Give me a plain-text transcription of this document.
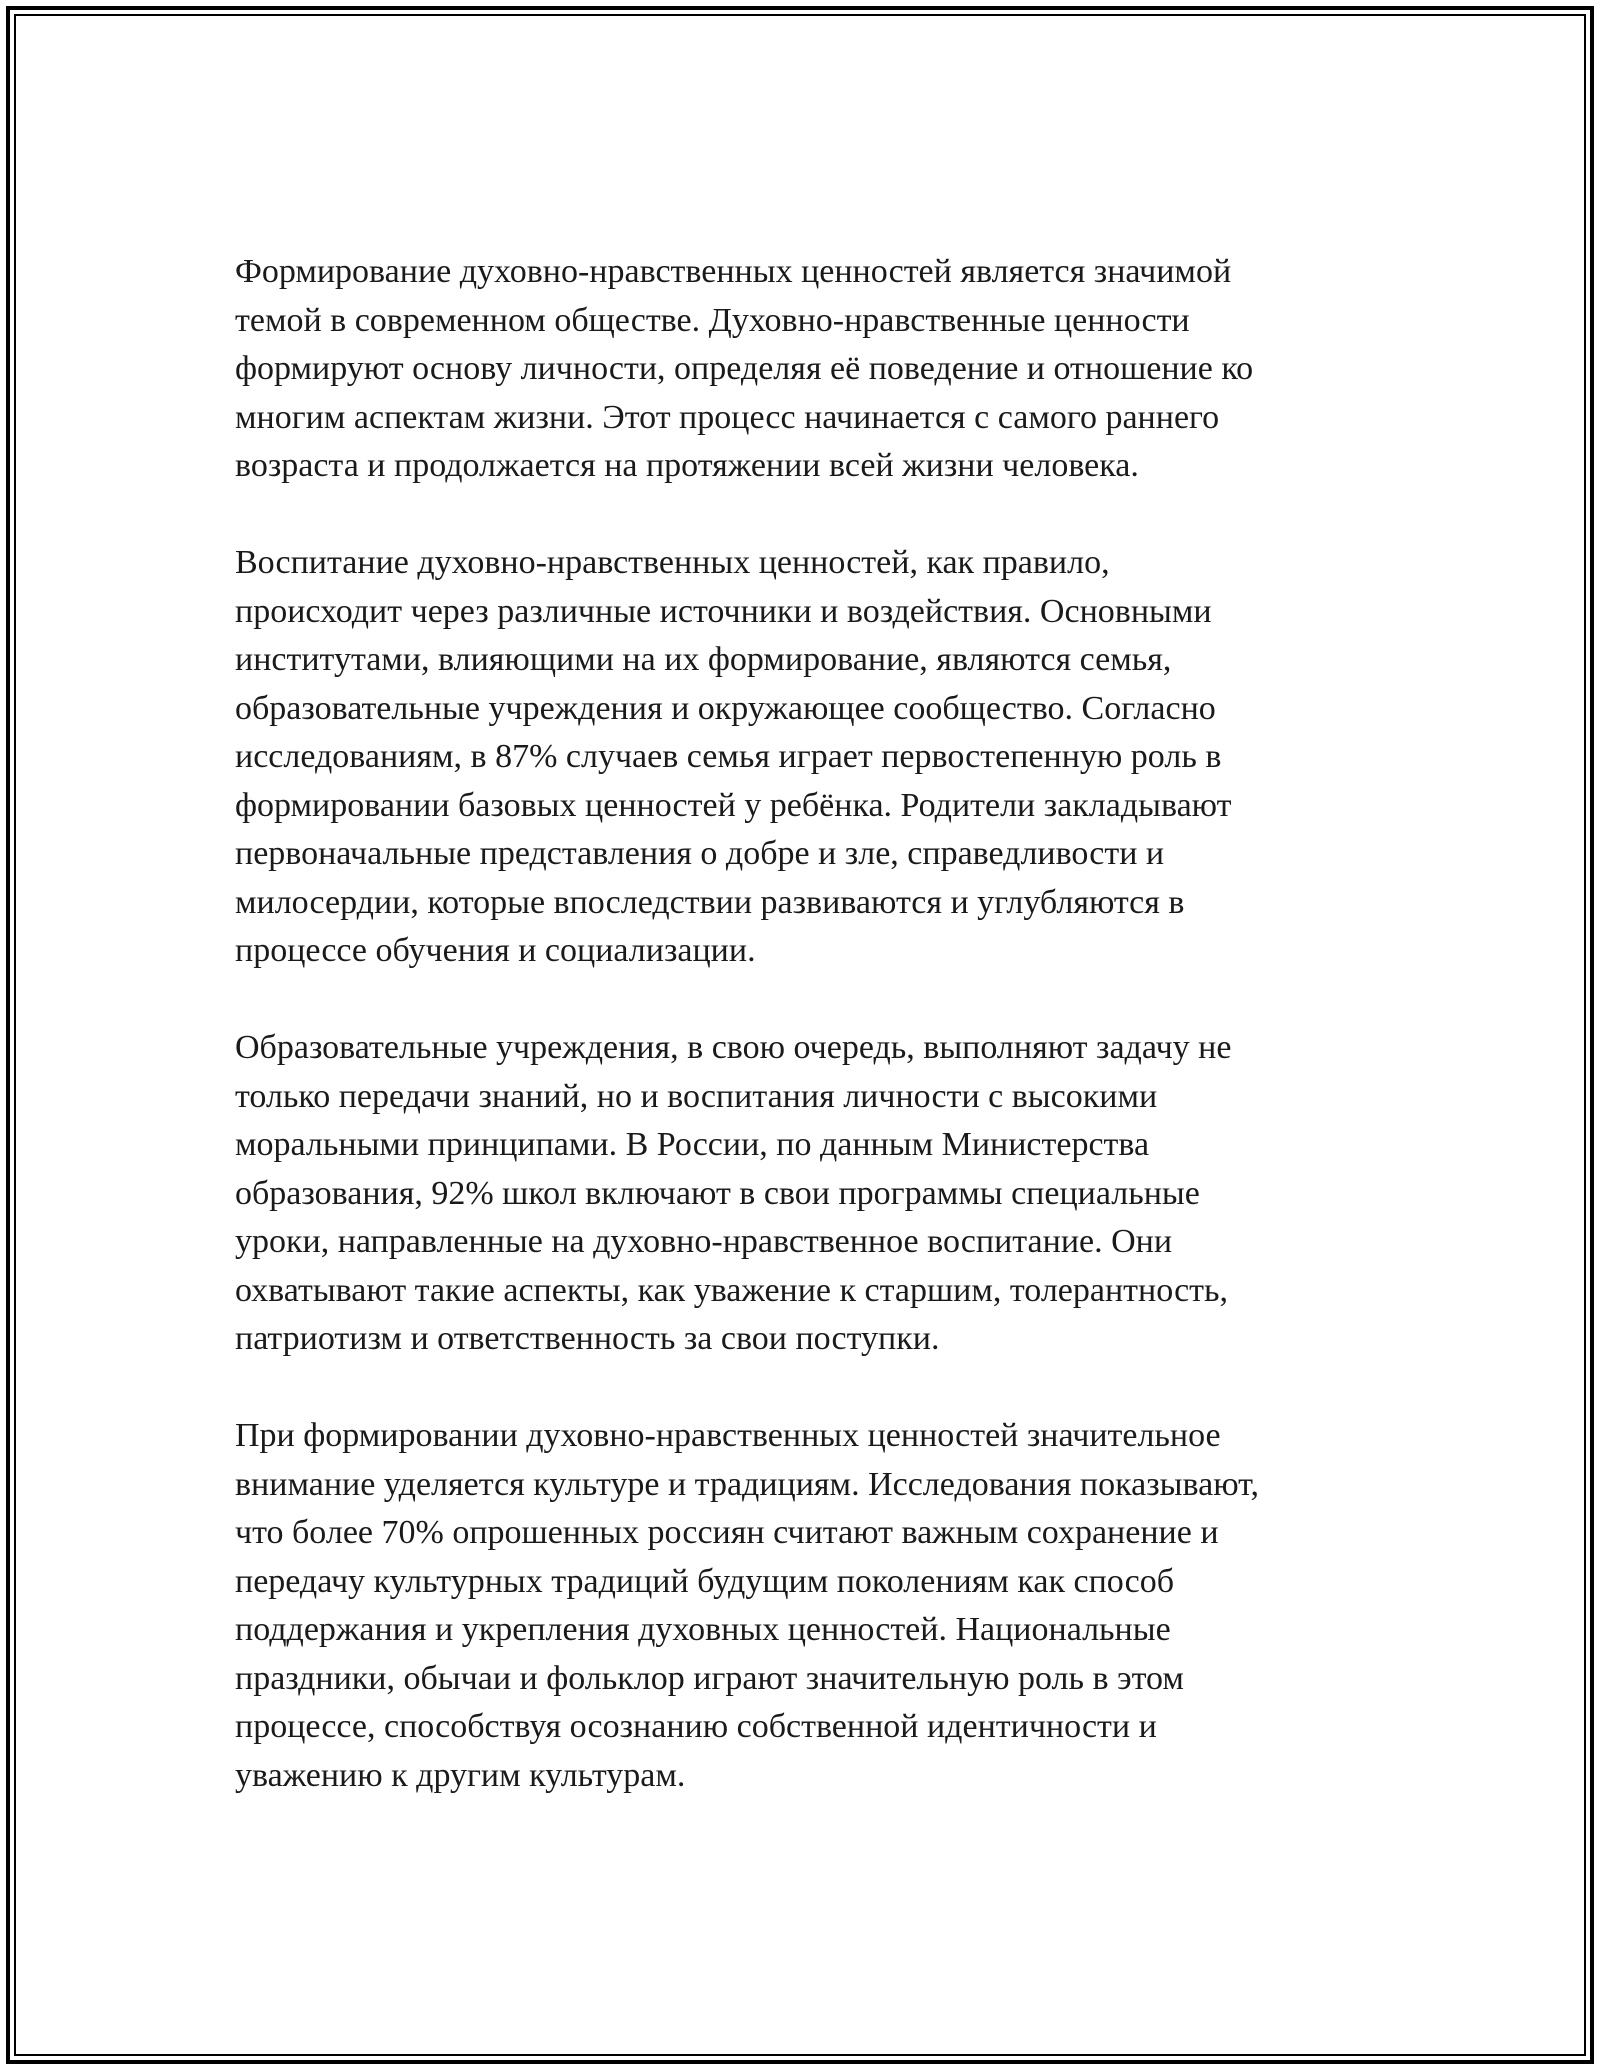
Формирование духовно-нравственных ценностей является значимой
темой в современном обществе. Духовно-нравственные ценности
формируют основу личности, определяя её поведение и отношение ко
многим аспектам жизни. Этот процесс начинается с самого раннего
возраста и продолжается на протяжении всей жизни человека.

Воспитание духовно-нравственных ценностей, как правило,
происходит через различные источники и воздействия. Основными
институтами, влияющими на их формирование, являются семья,
образовательные учреждения и окружающее сообщество. Согласно
исследованиям, в 87% случаев семья играет первостепенную роль в
формировании базовых ценностей у ребёнка. Родители закладывают
первоначальные представления о добре и зле, справедливости и
милосердии, которые впоследствии развиваются и углубляются в
процессе обучения и социализации.

Образовательные учреждения, в свою очередь, выполняют задачу не
только передачи знаний, но и воспитания личности с высокими
моральными принципами. В России, по данным Министерства
образования, 92% школ включают в свои программы специальные
уроки, направленные на духовно-нравственное воспитание. Они
охватывают такие аспекты, как уважение к старшим, толерантность,
патриотизм и ответственность за свои поступки.

При формировании духовно-нравственных ценностей значительное
внимание уделяется культуре и традициям. Исследования показывают,
что более 70% опрошенных россиян считают важным сохранение и
передачу культурных традиций будущим поколениям как способ
поддержания и укрепления духовных ценностей. Национальные
праздники, обычаи и фольклор играют значительную роль в этом
процессе, способствуя осознанию собственной идентичности и
уважению к другим культурам.
